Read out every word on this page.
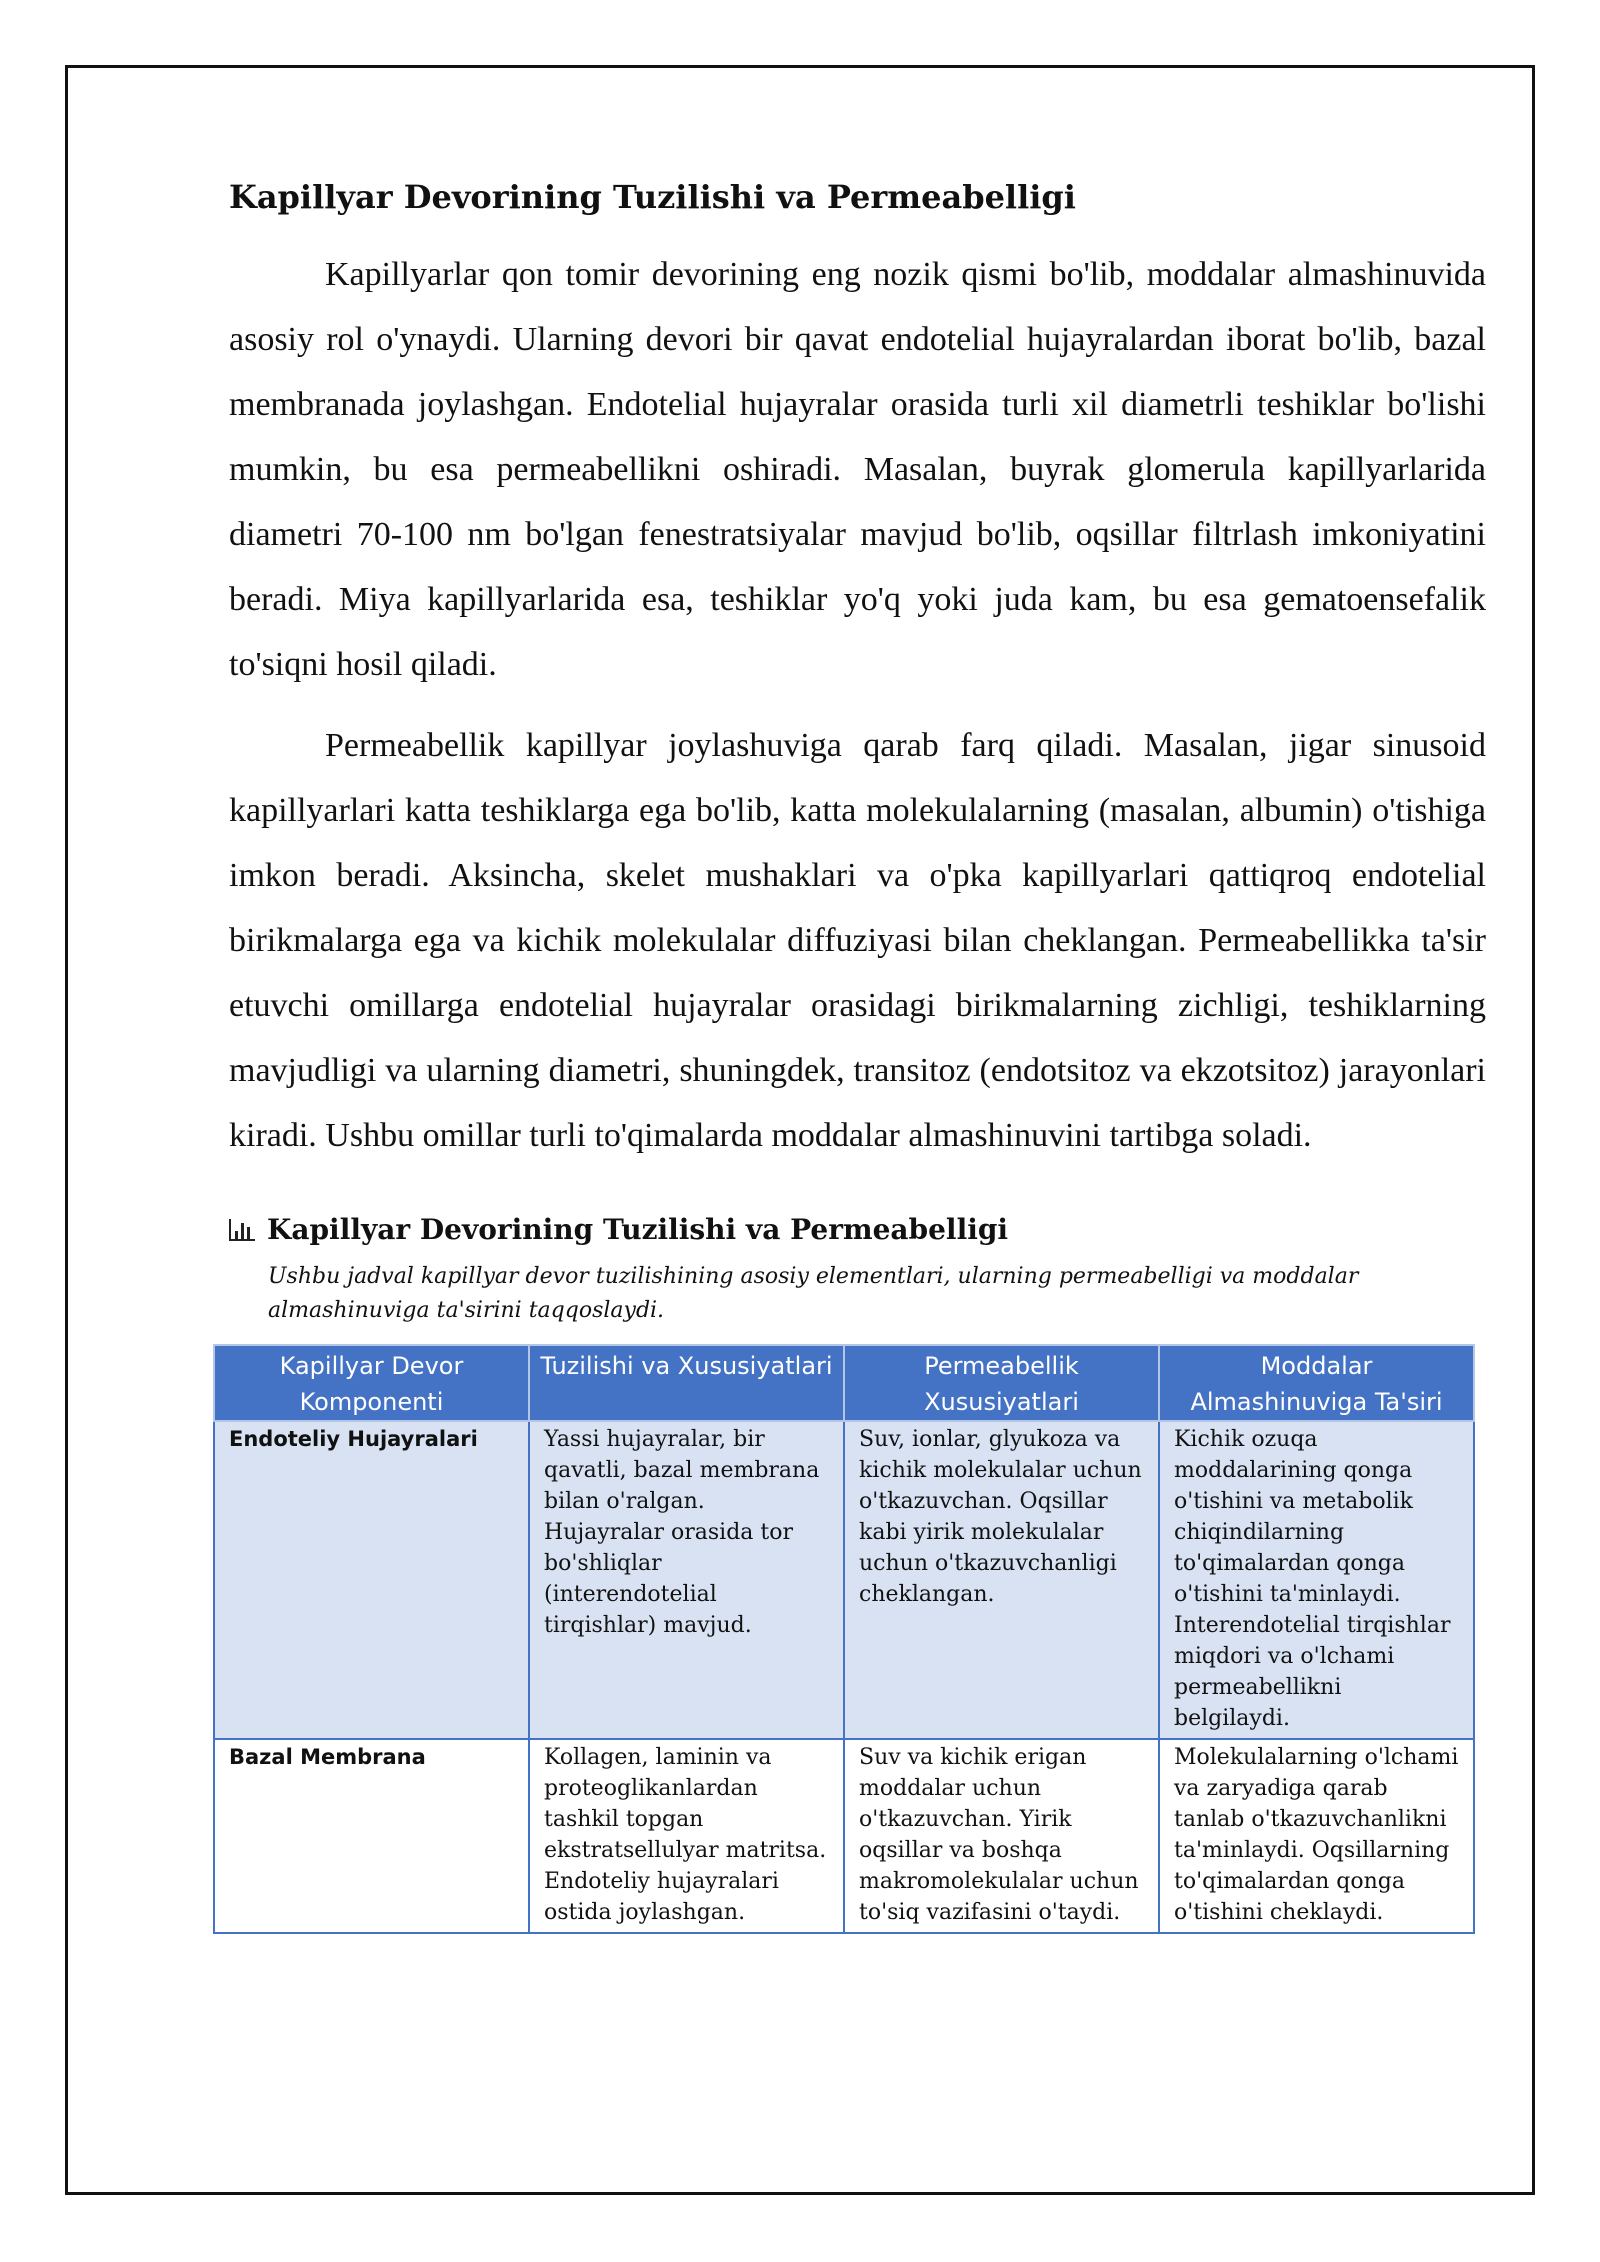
Kapillyar Devorining Tuzilishi va Permeabelligi

Kapillyarlar qon tomir devorining eng nozik qismi bo'lib, moddalar almashinuvida asosiy rol o'ynaydi. Ularning devori bir qavat endotelial hujayralardan iborat bo'lib, bazal membranada joylashgan. Endotelial hujayralar orasida turli xil diametrli teshiklar bo'lishi mumkin, bu esa permeabellikni oshiradi. Masalan, buyrak glomerula kapillyarlarida diametri 70-100 nm bo'lgan fenestratsiyalar mavjud bo'lib, oqsillar filtrlash imkoniyatini beradi. Miya kapillyarlarida esa, teshiklar yo'q yoki juda kam, bu esa gematoensefalik to'siqni hosil qiladi.

Permeabellik kapillyar joylashuviga qarab farq qiladi. Masalan, jigar sinusoid kapillyarlari katta teshiklarga ega bo'lib, katta molekulalarning (masalan, albumin) o'tishiga imkon beradi. Aksincha, skelet mushaklari va o'pka kapillyarlari qattiqroq endotelial birikmalarga ega va kichik molekulalar diffuziyasi bilan cheklangan. Permeabellikka ta'sir etuvchi omillarga endotelial hujayralar orasidagi birikmalarning zichligi, teshiklarning mavjudligi va ularning diametri, shuningdek, transitoz (endotsitoz va ekzotsitoz) jarayonlari kiradi. Ushbu omillar turli to'qimalarda moddalar almashinuvini tartibga soladi.

Kapillyar Devorining Tuzilishi va Permeabelligi
Ushbu jadval kapillyar devor tuzilishining asosiy elementlari, ularning permeabelligi va moddalar almashinuviga ta'sirini taqqoslaydi.
Kapillyar Devor Komponenti	Tuzilishi va Xususiyatlari	Permeabellik Xususiyatlari	Moddalar Almashinuviga Ta'siri
Endoteliy Hujayralari	Yassi hujayralar, bir qavatli, bazal membrana bilan o'ralgan. Hujayralar orasida tor bo'shliqlar (interendotelial tirqishlar) mavjud.	Suv, ionlar, glyukoza va kichik molekulalar uchun o'tkazuvchan. Oqsillar kabi yirik molekulalar uchun o'tkazuvchanligi cheklangan.	Kichik ozuqa moddalarining qonga o'tishini va metabolik chiqindilarning to'qimalardan qonga o'tishini ta'minlaydi. Interendotelial tirqishlar miqdori va o'lchami permeabellikni belgilaydi.
Bazal Membrana	Kollagen, laminin va proteoglikanlardan tashkil topgan ekstratsellulyar matritsa. Endoteliy hujayralari ostida joylashgan.	Suv va kichik erigan moddalar uchun o'tkazuvchan. Yirik oqsillar va boshqa makromolekulalar uchun to'siq vazifasini o'taydi.	Molekulalarning o'lchami va zaryadiga qarab tanlab o'tkazuvchanlikni ta'minlaydi. Oqsillarning to'qimalardan qonga o'tishini cheklaydi.
